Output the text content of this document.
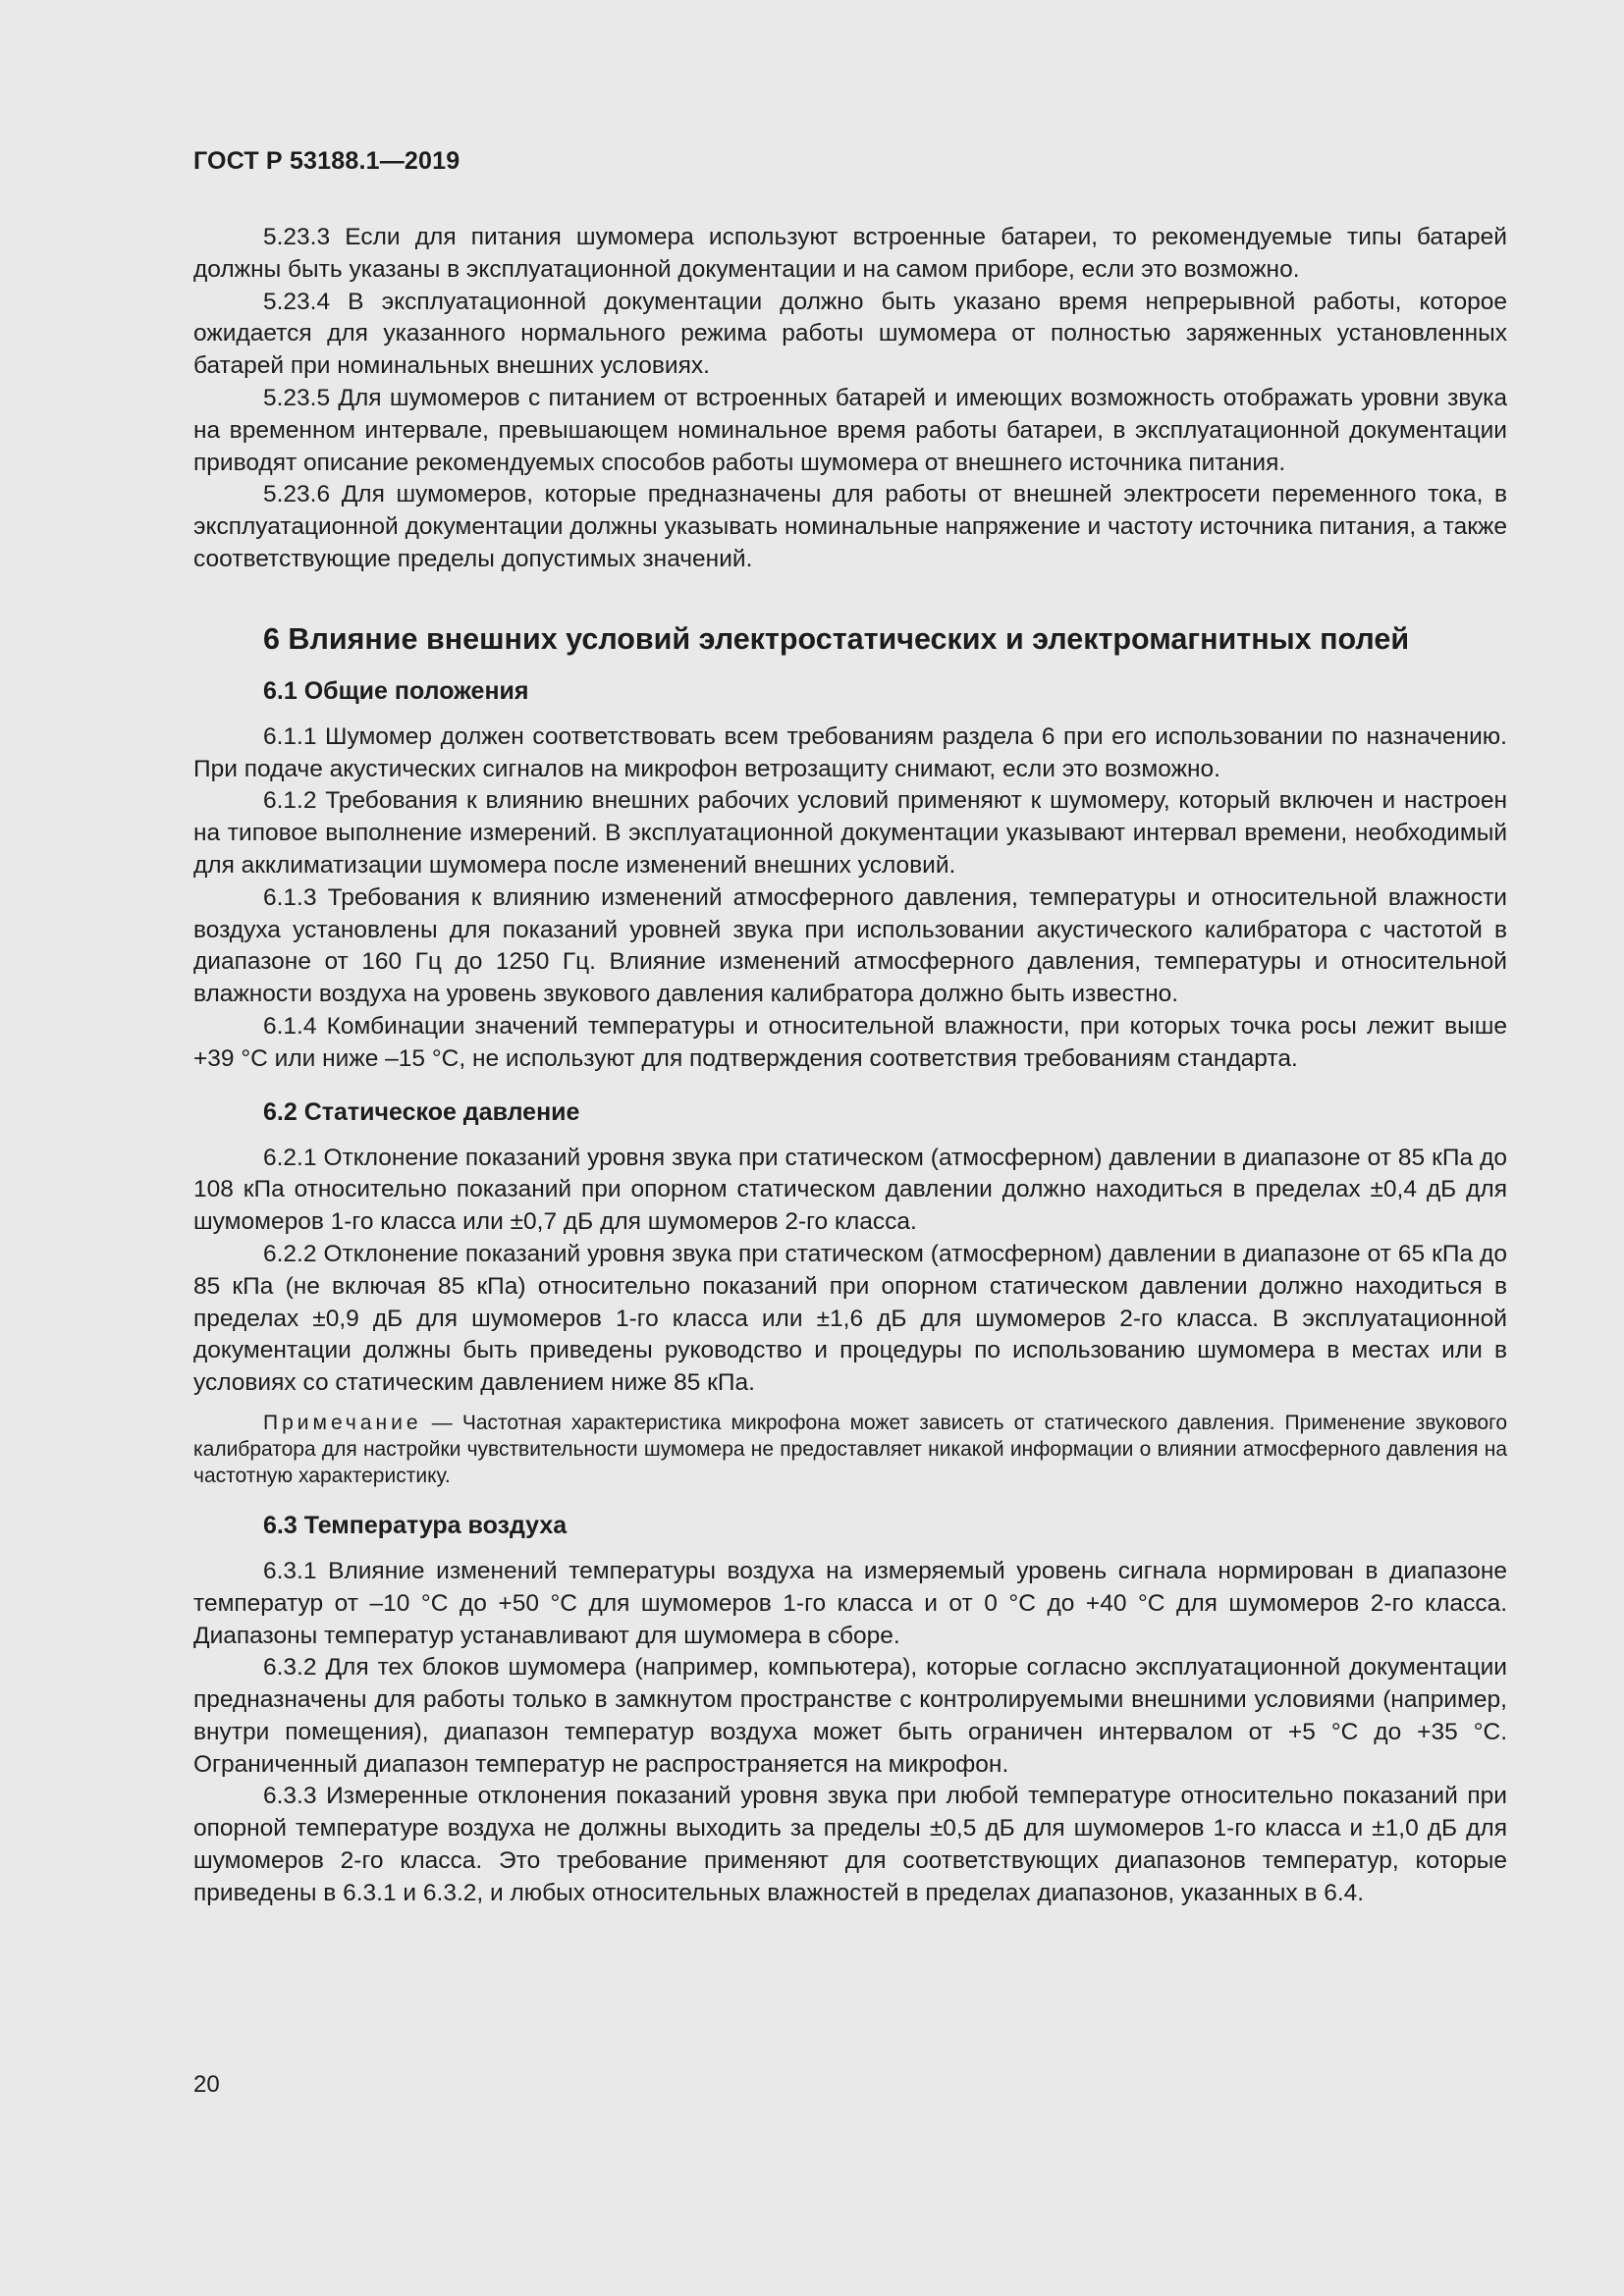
ГОСТ Р 53188.1—2019

5.23.3 Если для питания шумомера используют встроенные батареи, то рекомендуемые типы батарей должны быть указаны в эксплуатационной документации и на самом приборе, если это возможно.

5.23.4 В эксплуатационной документации должно быть указано время непрерывной работы, которое ожидается для указанного нормального режима работы шумомера от полностью заряженных установленных батарей при номинальных внешних условиях.

5.23.5 Для шумомеров с питанием от встроенных батарей и имеющих возможность отображать уровни звука на временном интервале, превышающем номинальное время работы батареи, в эксплуатационной документации приводят описание рекомендуемых способов работы шумомера от внешнего источника питания.

5.23.6 Для шумомеров, которые предназначены для работы от внешней электросети переменного тока, в эксплуатационной документации должны указывать номинальные напряжение и частоту источника питания, а также соответствующие пределы допустимых значений.

6 Влияние внешних условий электростатических и электромагнитных полей
6.1 Общие положения

6.1.1 Шумомер должен соответствовать всем требованиям раздела 6 при его использовании по назначению. При подаче акустических сигналов на микрофон ветрозащиту снимают, если это возможно.

6.1.2 Требования к влиянию внешних рабочих условий применяют к шумомеру, который включен и настроен на типовое выполнение измерений. В эксплуатационной документации указывают интервал времени, необходимый для акклиматизации шумомера после изменений внешних условий.

6.1.3 Требования к влиянию изменений атмосферного давления, температуры и относительной влажности воздуха установлены для показаний уровней звука при использовании акустического калибратора с частотой в диапазоне от 160 Гц до 1250 Гц. Влияние изменений атмосферного давления, температуры и относительной влажности воздуха на уровень звукового давления калибратора должно быть известно.

6.1.4 Комбинации значений температуры и относительной влажности, при которых точка росы лежит выше +39 °С или ниже –15 °С, не используют для подтверждения соответствия требованиям стандарта.

6.2 Статическое давление

6.2.1 Отклонение показаний уровня звука при статическом (атмосферном) давлении в диапазоне от 85 кПа до 108 кПа относительно показаний при опорном статическом давлении должно находиться в пределах ±0,4 дБ для шумомеров 1-го класса или ±0,7 дБ для шумомеров 2-го класса.

6.2.2 Отклонение показаний уровня звука при статическом (атмосферном) давлении в диапазоне от 65 кПа до 85 кПа (не включая 85 кПа) относительно показаний при опорном статическом давлении должно находиться в пределах ±0,9 дБ для шумомеров 1-го класса или ±1,6 дБ для шумомеров 2-го класса. В эксплуатационной документации должны быть приведены руководство и процедуры по использованию шумомера в местах или в условиях со статическим давлением ниже 85 кПа.

Примечание — Частотная характеристика микрофона может зависеть от статического давления. Применение звукового калибратора для настройки чувствительности шумомера не предоставляет никакой информации о влиянии атмосферного давления на частотную характеристику.

6.3 Температура воздуха

6.3.1 Влияние изменений температуры воздуха на измеряемый уровень сигнала нормирован в диапазоне температур от –10 °С до +50 °С для шумомеров 1-го класса и от 0 °С до +40 °С для шумомеров 2-го класса. Диапазоны температур устанавливают для шумомера в сборе.

6.3.2 Для тех блоков шумомера (например, компьютера), которые согласно эксплуатационной документации предназначены для работы только в замкнутом пространстве с контролируемыми внешними условиями (например, внутри помещения), диапазон температур воздуха может быть ограничен интервалом от +5 °С до +35 °С. Ограниченный диапазон температур не распространяется на микрофон.

6.3.3 Измеренные отклонения показаний уровня звука при любой температуре относительно показаний при опорной температуре воздуха не должны выходить за пределы ±0,5 дБ для шумомеров 1-го класса и ±1,0 дБ для шумомеров 2-го класса. Это требование применяют для соответствующих диапазонов температур, которые приведены в 6.3.1 и 6.3.2, и любых относительных влажностей в пределах диапазонов, указанных в 6.4.

20
